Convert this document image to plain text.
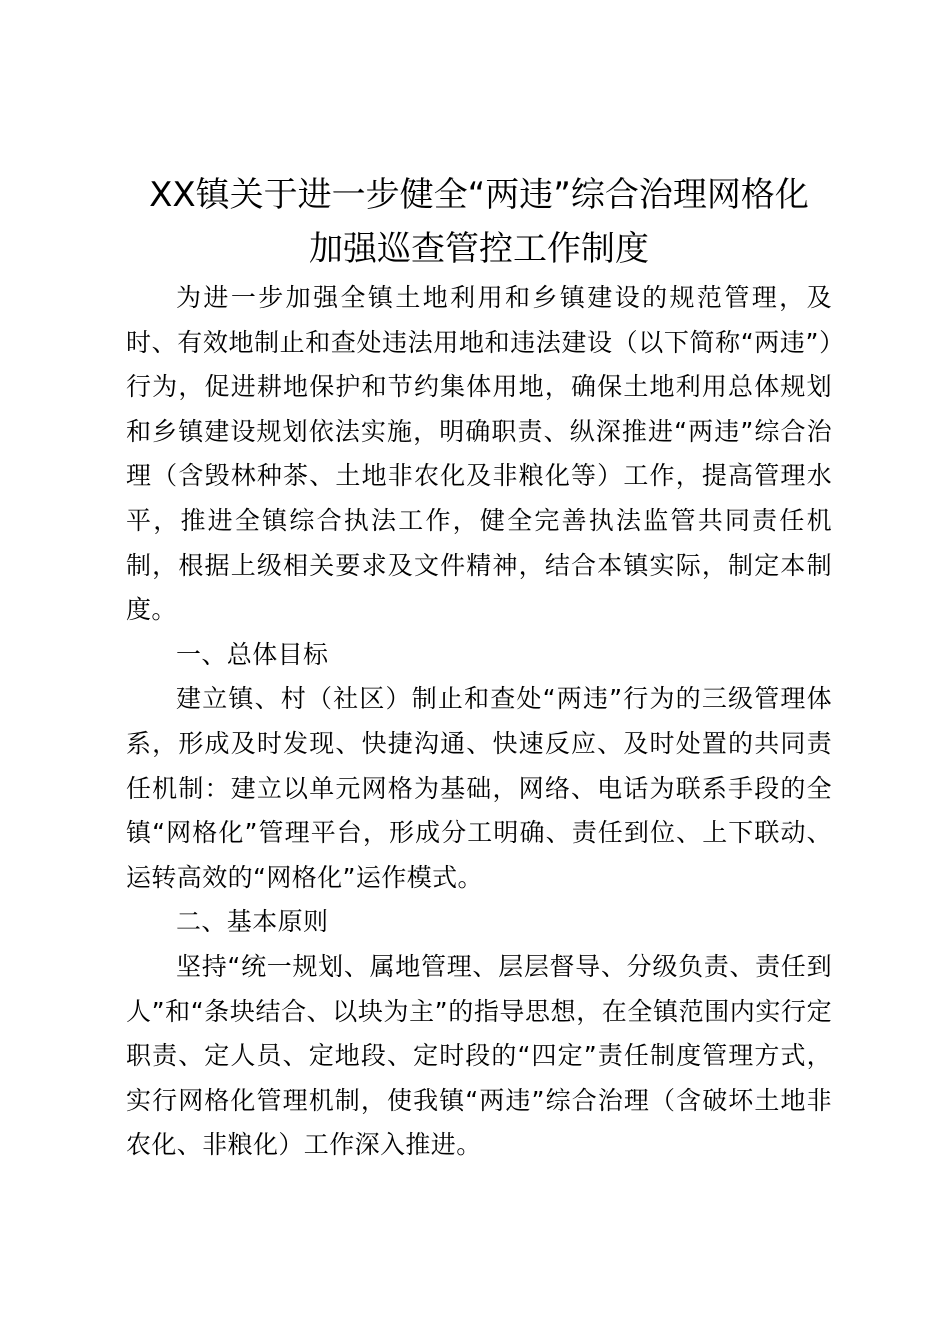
XX镇关于进一步健全“两违”综合治理网格化
加强巡查管控工作制度

为进一步加强全镇土地利用和乡镇建设的规范管理，及时、有效地制止和查处违法用地和违法建设（以下简称“两违”）行为，促进耕地保护和节约集体用地，确保土地利用总体规划和乡镇建设规划依法实施，明确职责、纵深推进“两违”综合治理（含毁林种茶、土地非农化及非粮化等）工作，提高管理水平，推进全镇综合执法工作，健全完善执法监管共同责任机制，根据上级相关要求及文件精神，结合本镇实际，制定本制度。

一、总体目标

建立镇、村（社区）制止和查处“两违”行为的三级管理体系，形成及时发现、快捷沟通、快速反应、及时处置的共同责任机制：建立以单元网格为基础，网络、电话为联系手段的全镇“网格化”管理平台，形成分工明确、责任到位、上下联动、运转高效的“网格化”运作模式。

二、基本原则

坚持“统一规划、属地管理、层层督导、分级负责、责任到人”和“条块结合、以块为主”的指导思想，在全镇范围内实行定职责、定人员、定地段、定时段的“四定”责任制度管理方式，实行网格化管理机制，使我镇“两违”综合治理（含破坏土地非农化、非粮化）工作深入推进。
